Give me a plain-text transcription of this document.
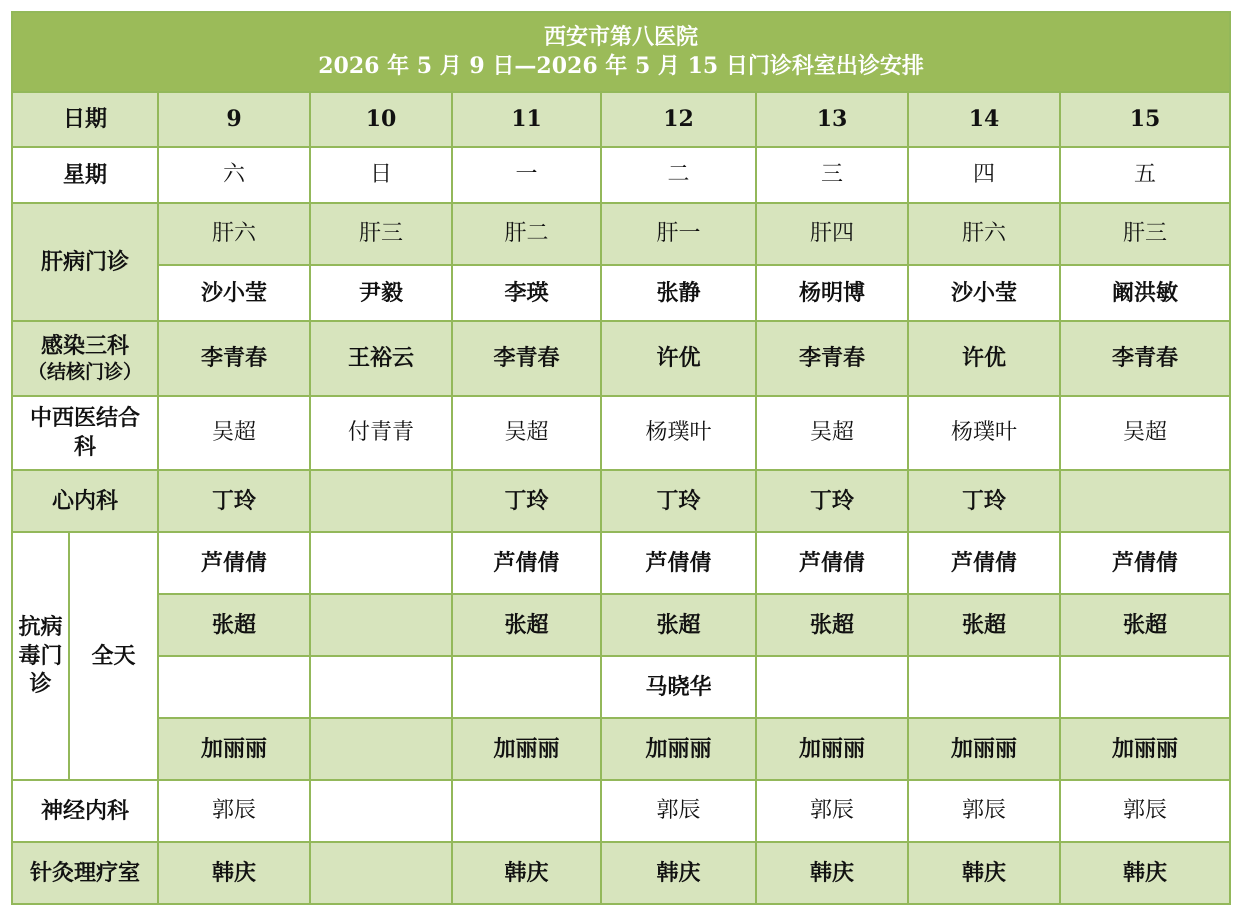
西安市第八医院
2026 年 5 月 9 日—2026 年 5 月 15 日门诊科室出诊安排								

日期		9	10	11	12	13	14	15
星期		六	日	一	二	三	四	五
肝病门诊		肝六	肝三	肝二	肝一	肝四	肝六	肝三
		沙小莹	尹毅	李瑛	张静	杨明博	沙小莹	阚洪敏

感染三科
（结核门诊）		李青春	王裕云	李青春	许优	李青春	许优	李青春

中西医结合
科		吴超	付青青	吴超	杨璞叶	吴超	杨璞叶	吴超
心内科		丁玲		丁玲	丁玲	丁玲	丁玲	

抗病
毒门
诊	全天	芦倩倩		芦倩倩	芦倩倩	芦倩倩	芦倩倩	芦倩倩
		张超		张超	张超	张超	张超	张超
					马晓华			
		加丽丽		加丽丽	加丽丽	加丽丽	加丽丽	加丽丽
神经内科		郭辰			郭辰	郭辰	郭辰	郭辰
针灸理疗室		韩庆		韩庆	韩庆	韩庆	韩庆	韩庆
